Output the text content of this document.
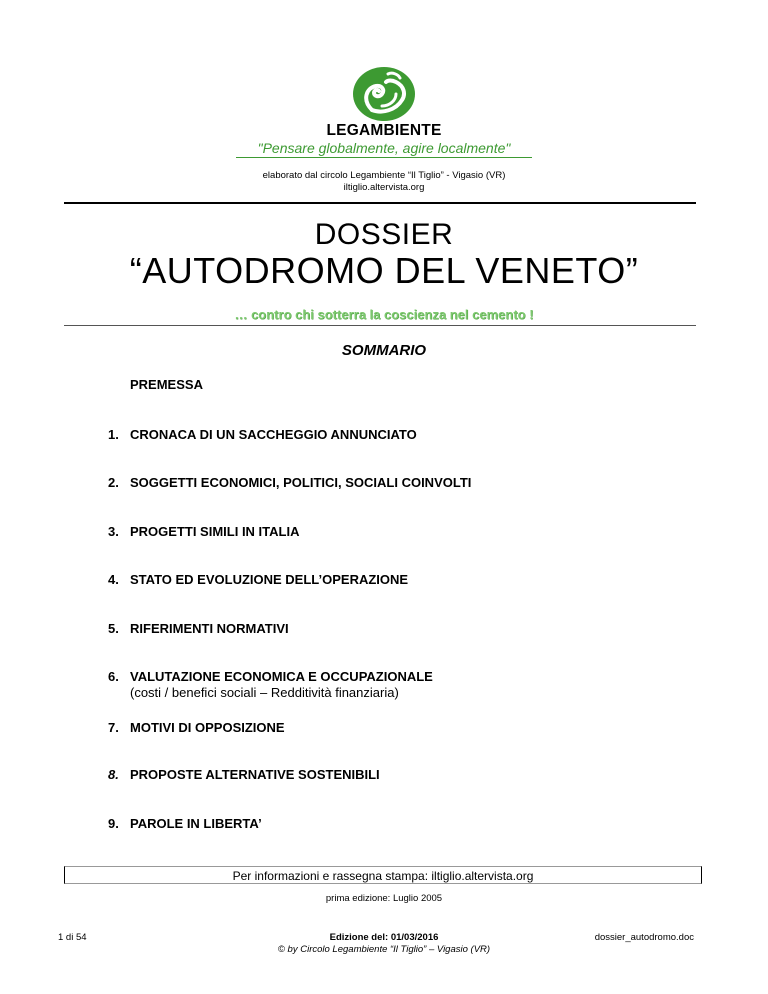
LEGAMBIENTE
"Pensare globalmente, agire localmente"
elaborato dal circolo Legambiente “Il Tiglio” - Vigasio (VR)
iltiglio.altervista.org
DOSSIER
“AUTODROMO DEL VENETO”
… contro chi sotterra la coscienza nel cemento !
SOMMARIO
PREMESSA
1. CRONACA DI UN SACCHEGGIO ANNUNCIATO
2. SOGGETTI ECONOMICI, POLITICI, SOCIALI COINVOLTI
3. PROGETTI SIMILI IN ITALIA
4. STATO ED EVOLUZIONE DELL’OPERAZIONE
5. RIFERIMENTI NORMATIVI
6. VALUTAZIONE ECONOMICA E OCCUPAZIONALE
(costi / benefici sociali – Redditività finanziaria)
7. MOTIVI DI OPPOSIZIONE
8. PROPOSTE ALTERNATIVE SOSTENIBILI
9. PAROLE IN LIBERTA’
Per informazioni e rassegna stampa: iltiglio.altervista.org
prima edizione: Luglio 2005
1 di 54	Edizione del: 01/03/2016
© by Circolo Legambiente “Il Tiglio” – Vigasio (VR)
dossier_autodromo.doc
